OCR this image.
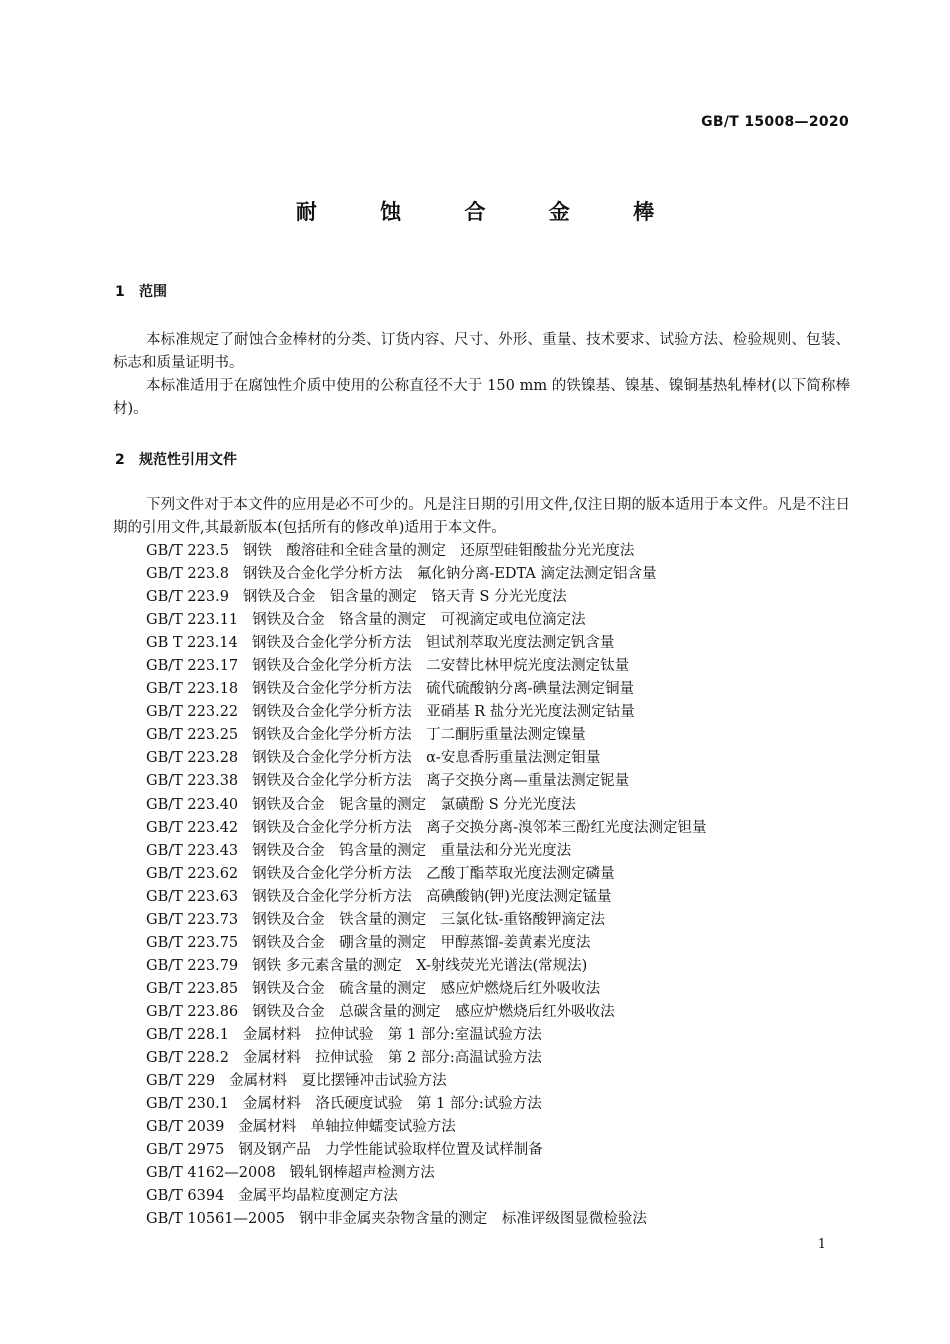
GB/T 15008—2020
耐 蚀 合 金 棒
1 范围

本标准规定了耐蚀合金棒材的分类、订货内容、尺寸、外形、重量、技术要求、试验方法、检验规则、包装、标志和质量证明书。

本标准适用于在腐蚀性介质中使用的公称直径不大于 150 mm 的铁镍基、镍基、镍铜基热轧棒材(以下简称棒材)。

2 规范性引用文件

下列文件对于本文件的应用是必不可少的。凡是注日期的引用文件,仅注日期的版本适用于本文件。凡是不注日期的引用文件,其最新版本(包括所有的修改单)适用于本文件。

GB/T 223.5 钢铁　酸溶硅和全硅含量的测定　还原型硅钼酸盐分光光度法
GB/T 223.8 钢铁及合金化学分析方法　氟化钠分离-EDTA 滴定法测定铝含量
GB/T 223.9 钢铁及合金　铝含量的测定　铬天青 S 分光光度法
GB/T 223.11 钢铁及合金　铬含量的测定　可视滴定或电位滴定法
GB T 223.14 钢铁及合金化学分析方法　钽试剂萃取光度法测定钒含量
GB/T 223.17 钢铁及合金化学分析方法　二安替比林甲烷光度法测定钛量
GB/T 223.18 钢铁及合金化学分析方法　硫代硫酸钠分离-碘量法测定铜量
GB/T 223.22 钢铁及合金化学分析方法　亚硝基 R 盐分光光度法测定钴量
GB/T 223.25 钢铁及合金化学分析方法　丁二酮肟重量法测定镍量
GB/T 223.28 钢铁及合金化学分析方法　α-安息香肟重量法测定钼量
GB/T 223.38 钢铁及合金化学分析方法　离子交换分离—重量法测定铌量
GB/T 223.40 钢铁及合金　铌含量的测定　氯磺酚 S 分光光度法
GB/T 223.42 钢铁及合金化学分析方法　离子交换分离-溴邻苯三酚红光度法测定钽量
GB/T 223.43 钢铁及合金　钨含量的测定　重量法和分光光度法
GB/T 223.62 钢铁及合金化学分析方法　乙酸丁酯萃取光度法测定磷量
GB/T 223.63 钢铁及合金化学分析方法　高碘酸钠(钾)光度法测定锰量
GB/T 223.73 钢铁及合金　铁含量的测定　三氯化钛-重铬酸钾滴定法
GB/T 223.75 钢铁及合金　硼含量的测定　甲醇蒸馏-姜黄素光度法
GB/T 223.79 钢铁 多元素含量的测定　X-射线荧光光谱法(常规法)
GB/T 223.85 钢铁及合金　硫含量的测定　感应炉燃烧后红外吸收法
GB/T 223.86 钢铁及合金　总碳含量的测定　感应炉燃烧后红外吸收法
GB/T 228.1 金属材料　拉伸试验　第 1 部分:室温试验方法
GB/T 228.2 金属材料　拉伸试验　第 2 部分:高温试验方法
GB/T 229 金属材料　夏比摆锤冲击试验方法
GB/T 230.1 金属材料　洛氏硬度试验　第 1 部分:试验方法
GB/T 2039 金属材料　单轴拉伸蠕变试验方法
GB/T 2975 钢及钢产品　力学性能试验取样位置及试样制备
GB/T 4162—2008 锻轧钢棒超声检测方法
GB/T 6394 金属平均晶粒度测定方法
GB/T 10561—2005 钢中非金属夹杂物含量的测定　标准评级图显微检验法
1
